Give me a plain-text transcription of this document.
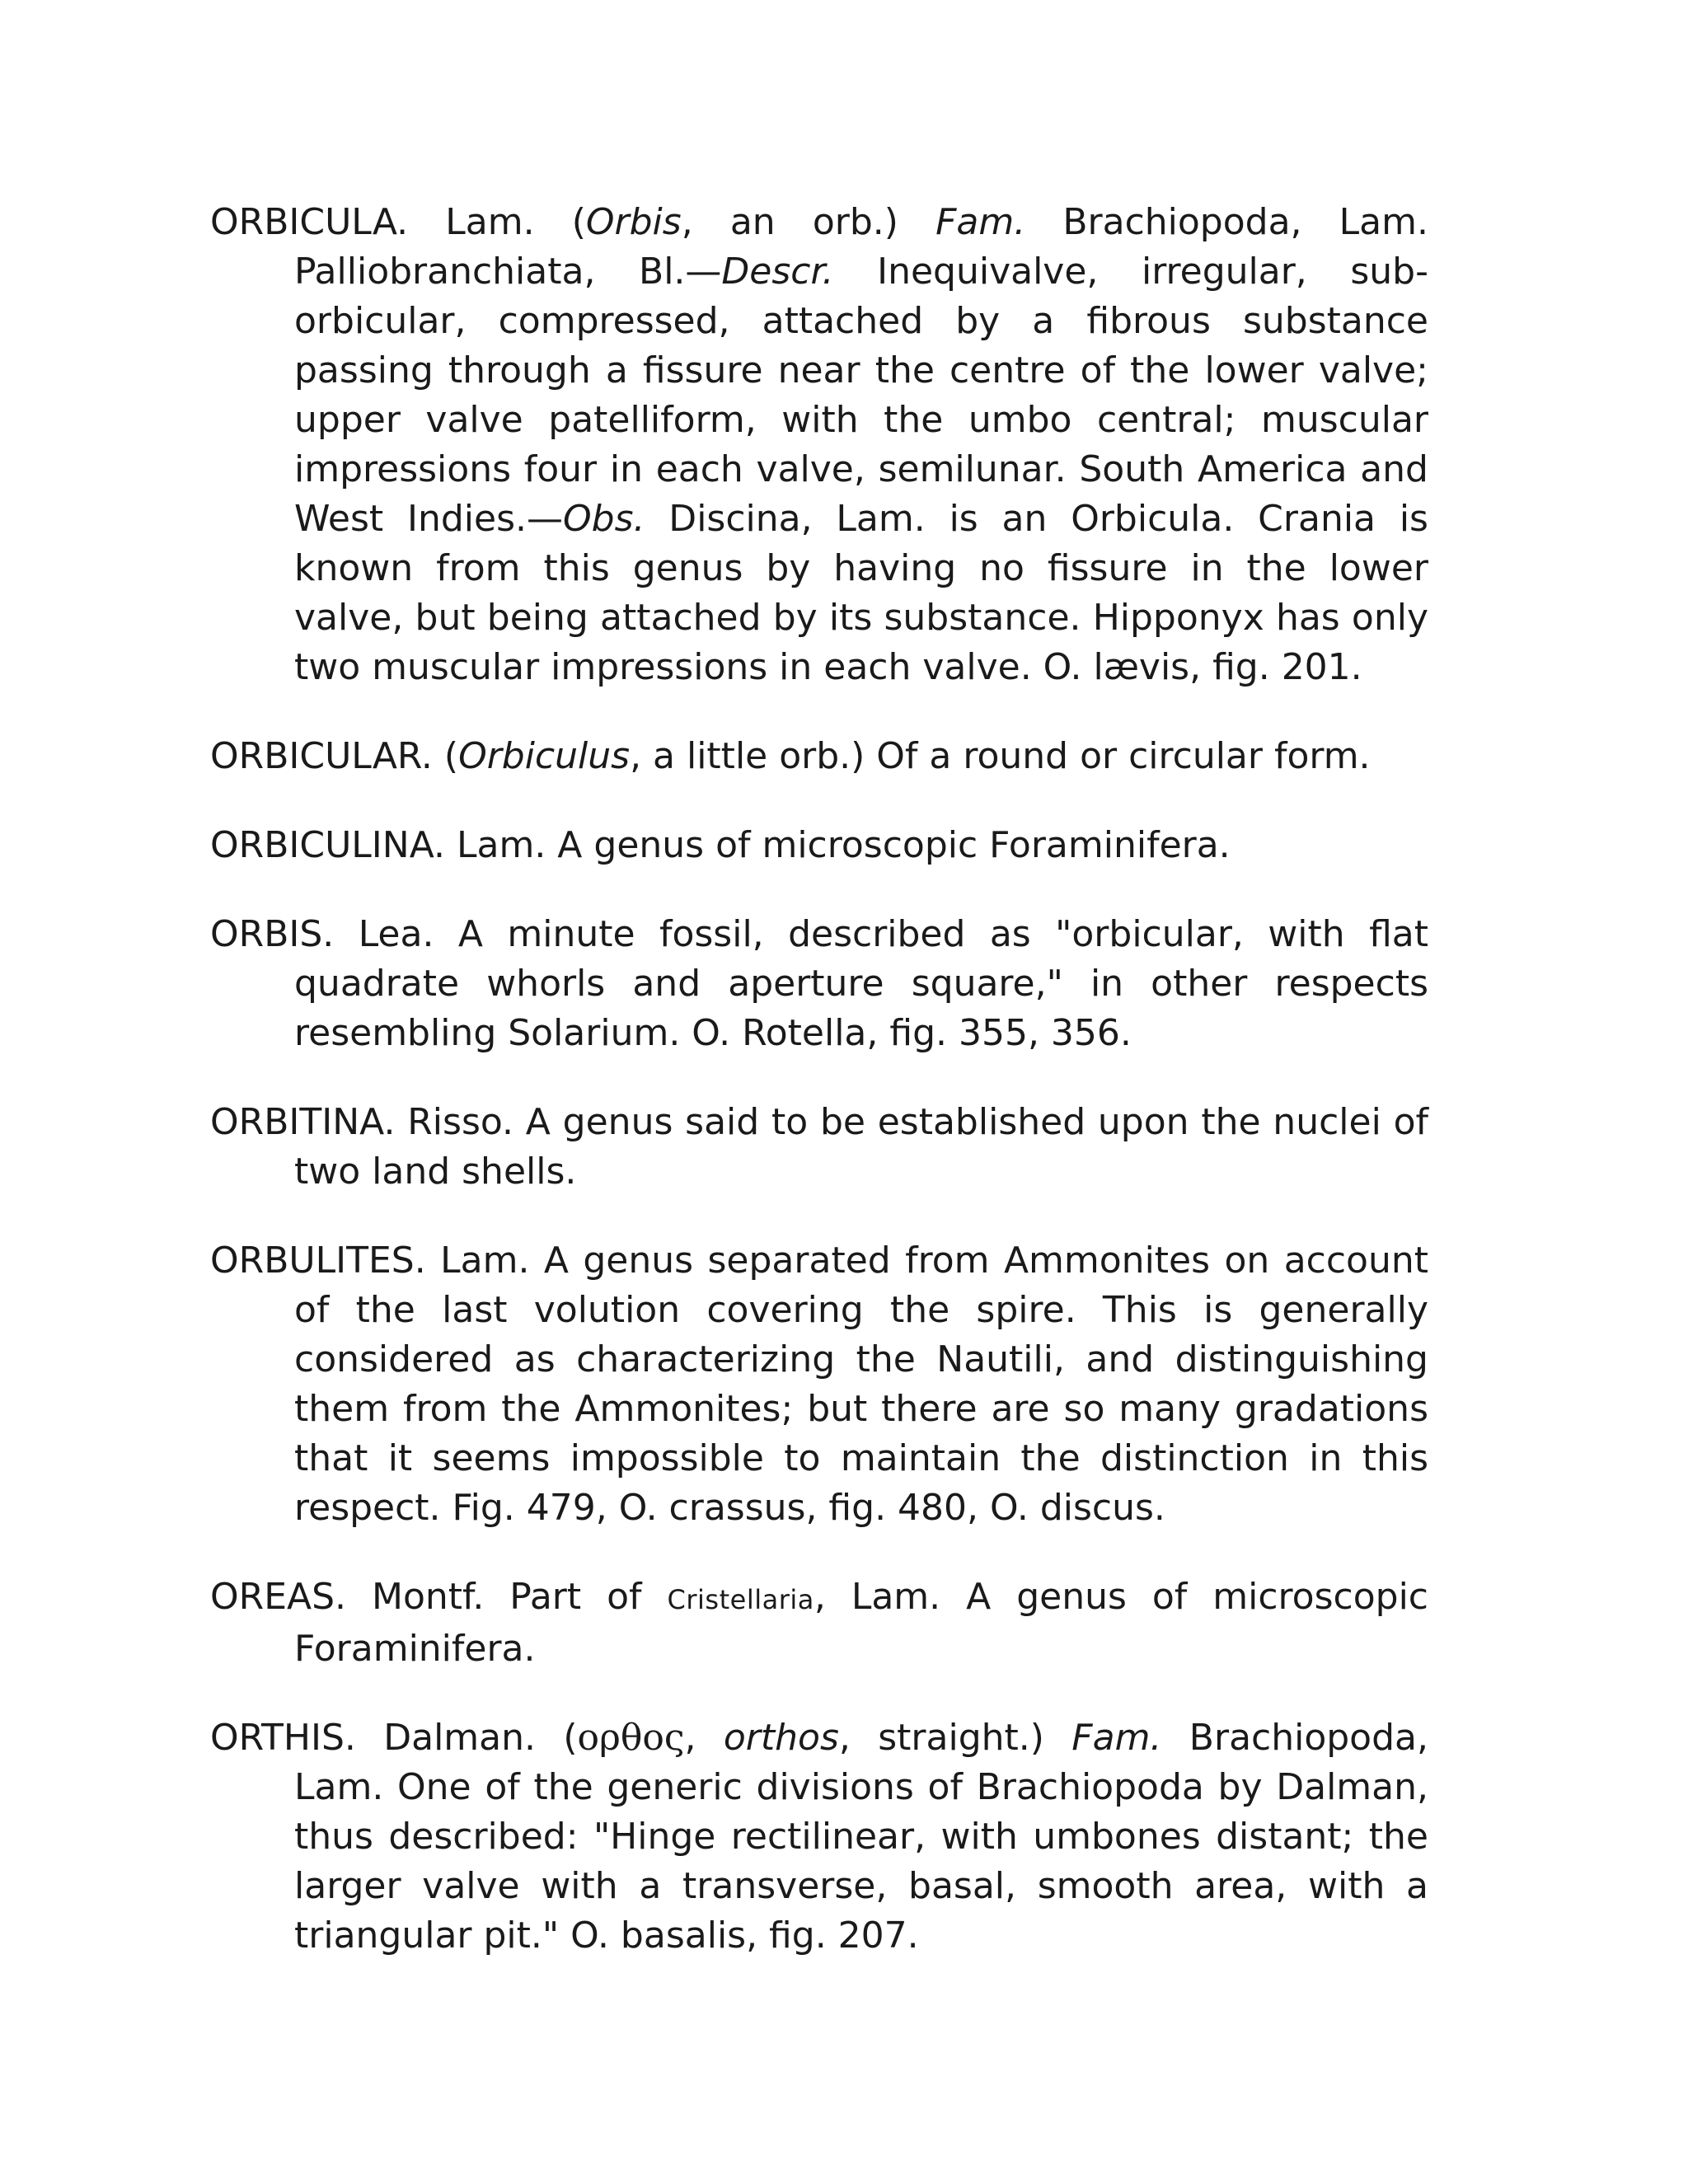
ORBICULA. Lam. (Orbis, an orb.) Fam. Brachiopoda, Lam. Palliobranchiata, Bl.—Descr. Inequivalve, irregular, sub-orbicular, compressed, attached by a fibrous substance passing through a fissure near the centre of the lower valve; upper valve patelliform, with the umbo central; muscular impressions four in each valve, semilunar. South America and West Indies.—Obs. Discina, Lam. is an Orbicula. Crania is known from this genus by having no fissure in the lower valve, but being attached by its substance. Hipponyx has only two muscular impressions in each valve. O. lævis, fig. 201.

ORBICULAR. (Orbiculus, a little orb.) Of a round or circular form.

ORBICULINA. Lam. A genus of microscopic Foraminifera.

ORBIS. Lea. A minute fossil, described as "orbicular, with flat quadrate whorls and aperture square," in other respects resembling Solarium. O. Rotella, fig. 355, 356.

ORBITINA. Risso. A genus said to be established upon the nuclei of two land shells.

ORBULITES. Lam. A genus separated from Ammonites on account of the last volution covering the spire. This is generally considered as characterizing the Nautili, and distinguishing them from the Ammonites; but there are so many gradations that it seems impossible to maintain the distinction in this respect. Fig. 479, O. crassus, fig. 480, O. discus.

OREAS. Montf. Part of Cristellaria, Lam. A genus of microscopic Foraminifera.

ORTHIS. Dalman. (ορθος, orthos, straight.) Fam. Brachiopoda, Lam. One of the generic divisions of Brachiopoda by Dalman, thus described: "Hinge rectilinear, with umbones distant; the larger valve with a transverse, basal, smooth area, with a triangular pit." O. basalis, fig. 207.
